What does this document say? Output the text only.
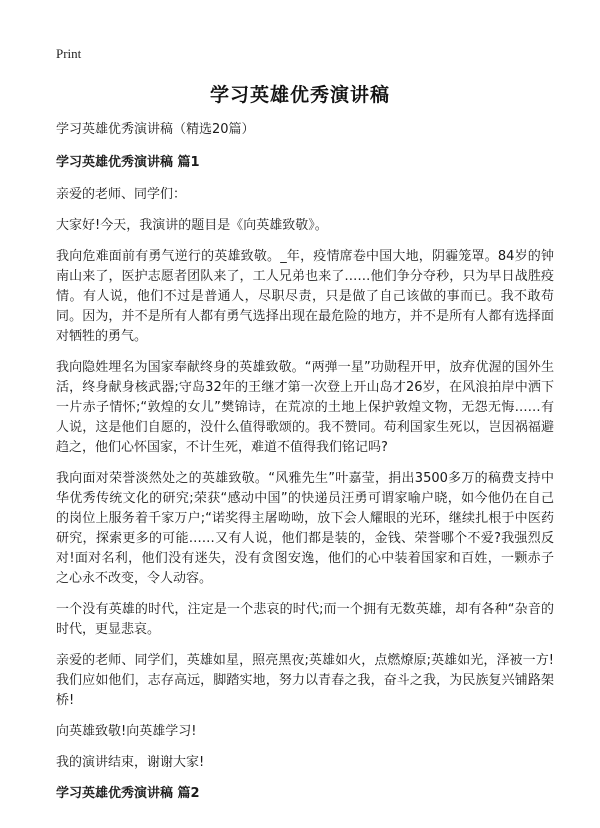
Print
学习英雄优秀演讲稿

学习英雄优秀演讲稿（精选20篇）

学习英雄优秀演讲稿 篇1

亲爱的老师、同学们：

大家好!今天，我演讲的题目是《向英雄致敬》。

我向危难面前有勇气逆行的英雄致敬。_年，疫情席卷中国大地，阴霾笼罩。84岁的钟南山来了，医护志愿者团队来了，工人兄弟也来了……他们争分夺秒，只为早日战胜疫情。有人说，他们不过是普通人，尽职尽责，只是做了自己该做的事而已。我不敢苟同。因为，并不是所有人都有勇气选择出现在最危险的地方，并不是所有人都有选择面对牺牲的勇气。

我向隐姓埋名为国家奉献终身的英雄致敬。“两弹一星”功勋程开甲，放弃优渥的国外生活，终身献身核武器;守岛32年的王继才第一次登上开山岛才26岁，在风浪拍岸中洒下一片赤子情怀;“敦煌的女儿”樊锦诗，在荒凉的土地上保护敦煌文物，无怨无悔……有人说，这是他们自愿的，没什么值得歌颂的。我不赞同。苟利国家生死以，岂因祸福避趋之，他们心怀国家，不计生死，难道不值得我们铭记吗?

我向面对荣誉淡然处之的英雄致敬。“风雅先生”叶嘉莹，捐出3500多万的稿费支持中华优秀传统文化的研究;荣获“感动中国”的快递员汪勇可谓家喻户晓，如今他仍在自己的岗位上服务着千家万户;“诺奖得主屠呦呦，放下会人耀眼的光环，继续扎根于中医药研究，探索更多的可能……又有人说，他们都是装的，金钱、荣誉哪个不爱?我强烈反对!面对名利，他们没有迷失，没有贪图安逸，他们的心中装着国家和百姓，一颗赤子之心永不改变，令人动容。

一个没有英雄的时代，注定是一个悲哀的时代;而一个拥有无数英雄，却有各种“杂音的时代，更显悲哀。

亲爱的老师、同学们，英雄如星，照亮黑夜;英雄如火，点燃燎原;英雄如光，泽被一方!我们应如他们，志存高远，脚踏实地，努力以青春之我，奋斗之我，为民族复兴铺路架桥!

向英雄致敬!向英雄学习!

我的演讲结束，谢谢大家!

学习英雄优秀演讲稿 篇2
